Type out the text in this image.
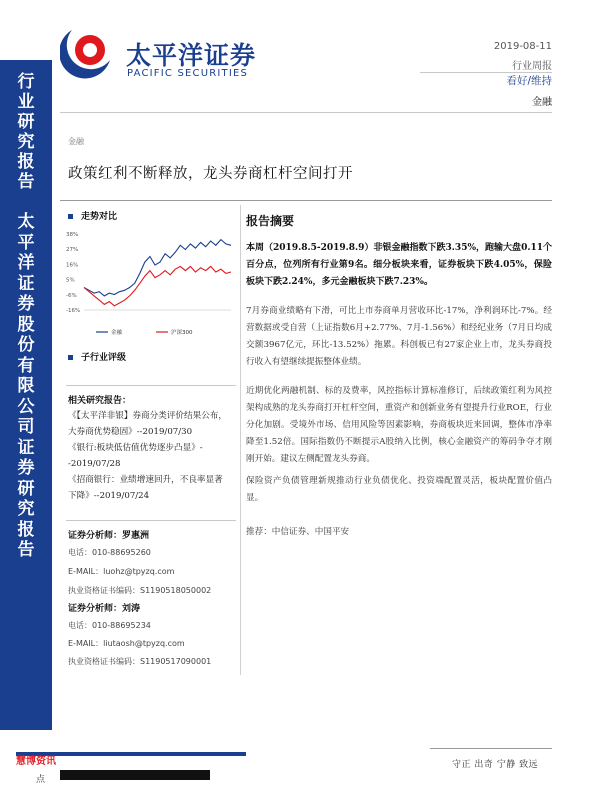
行业研究报告
太平洋证券股份有限公司证券研究报告
太平洋证券
PACIFIC SECURITIES
2019-08-11
行业周报
看好/维持
金融
金融
政策红利不断释放，龙头券商杠杆空间打开
走势对比
38%
27%
16%
5%
-6%
-16%
金融	沪深300
子行业评级
相关研究报告：
《【太平洋非银】券商分类评价结果公布，大券商优势稳固》--2019/07/30
《银行:板块低估值优势逐步凸显》--2019/07/28
《招商银行：业绩增速回升，不良率显著下降》--2019/07/24
证券分析师：罗惠洲
电话：010-88695260
E-MAIL：luohz@tpyzq.com
执业资格证书编码：S1190518050002
证券分析师：刘涛
电话：010-88695234
E-MAIL：liutaosh@tpyzq.com
执业资格证书编码：S1190517090001
报告摘要
本周（2019.8.5-2019.8.9）非银金融指数下跌3.35%，跑输大盘0.11个百分点，位列所有行业第9名。细分板块来看，证券板块下跌4.05%，保险板块下跌2.24%，多元金融板块下跌7.23%。
7月券商业绩略有下滑，可比上市券商单月营收环比-17%，净利润环比-7%。经营数据或受自营（上证指数6月+2.77%、7月-1.56%）和经纪业务（7月日均成交额3967亿元，环比-13.52%）拖累。科创板已有27家企业上市，龙头券商投行收入有望继续提振整体业绩。
近期优化两融机制、标的及费率，风控指标计算标准修订，后续政策红利为风控架构成熟的龙头券商打开杠杆空间，重资产和创新业务有望提升行业ROE，行业分化加剧。受境外市场、信用风险等因素影响，券商板块近来回调，整体市净率降至1.52倍。国际指数仍不断提示A股纳入比例，核心金融资产的筹码争夺才刚刚开始。建议左侧配置龙头券商。
保险资产负债管理新规推动行业负债优化、投资端配置灵活，板块配置价值凸显。
推荐：中信证券、中国平安
慧博资讯
点
守正 出奇 宁静 致远
